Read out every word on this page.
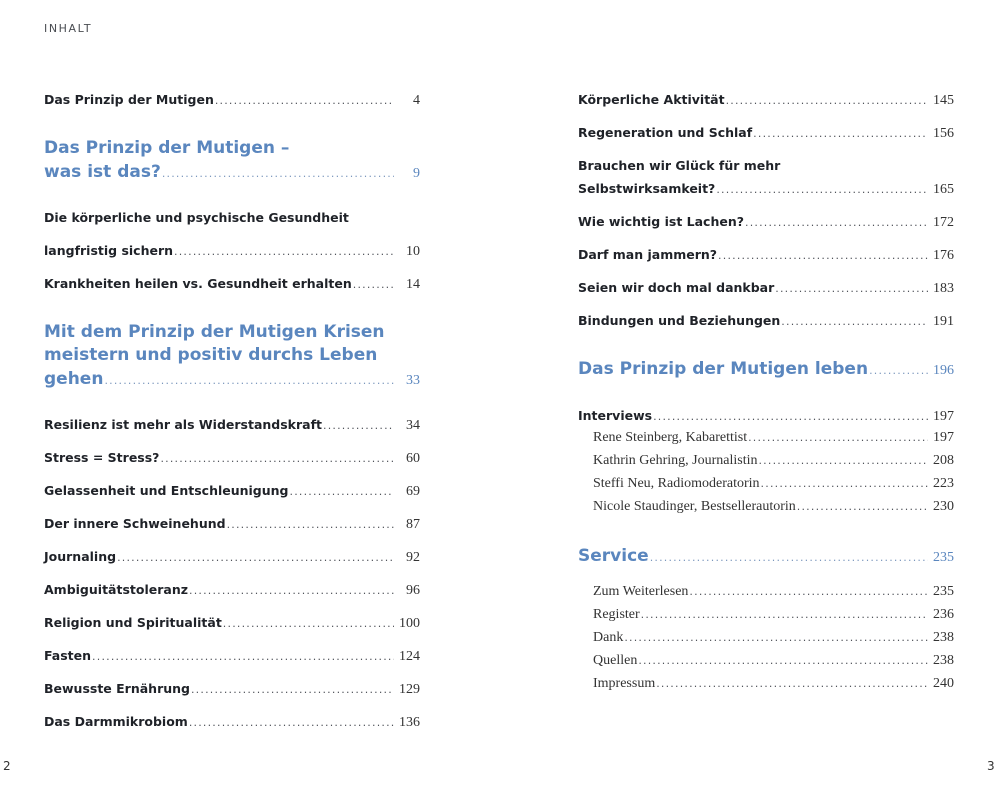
INHALT
Das Prinzip der Mutigen .....	4
Das Prinzip der Mutigen –
was ist das? .....	9
Die körperliche und psychische Gesundheit
langfristig sichern .....	10
Krankheiten heilen vs. Gesundheit erhalten .....	14
Mit dem Prinzip der Mutigen Krisen
meistern und positiv durchs Leben
gehen .....	33
Resilienz ist mehr als Widerstandskraft .....	34
Stress = Stress? .....	60
Gelassenheit und Entschleunigung .....	69
Der innere Schweinehund .....	87
Journaling .....	92
Ambiguitätstoleranz .....	96
Religion und Spiritualität .....	100
Fasten .....	124
Bewusste Ernährung .....	129
Das Darmmikrobiom .....	136
2
Körperliche Aktivität .....	145
Regeneration und Schlaf .....	156
Brauchen wir Glück für mehr
Selbstwirksamkeit? .....	165
Wie wichtig ist Lachen? .....	172
Darf man jammern? .....	176
Seien wir doch mal dankbar .....	183
Bindungen und Beziehungen .....	191
Das Prinzip der Mutigen leben .....	196
Interviews .....	197
Rene Steinberg, Kabarettist .....	197
Kathrin Gehring, Journalistin .....	208
Steffi Neu, Radiomoderatorin .....	223
Nicole Staudinger, Bestsellerautorin .....	230
Service .....	235
Zum Weiterlesen .....	235
Register .....	236
Dank .....	238
Quellen .....	238
Impressum .....	240
3
